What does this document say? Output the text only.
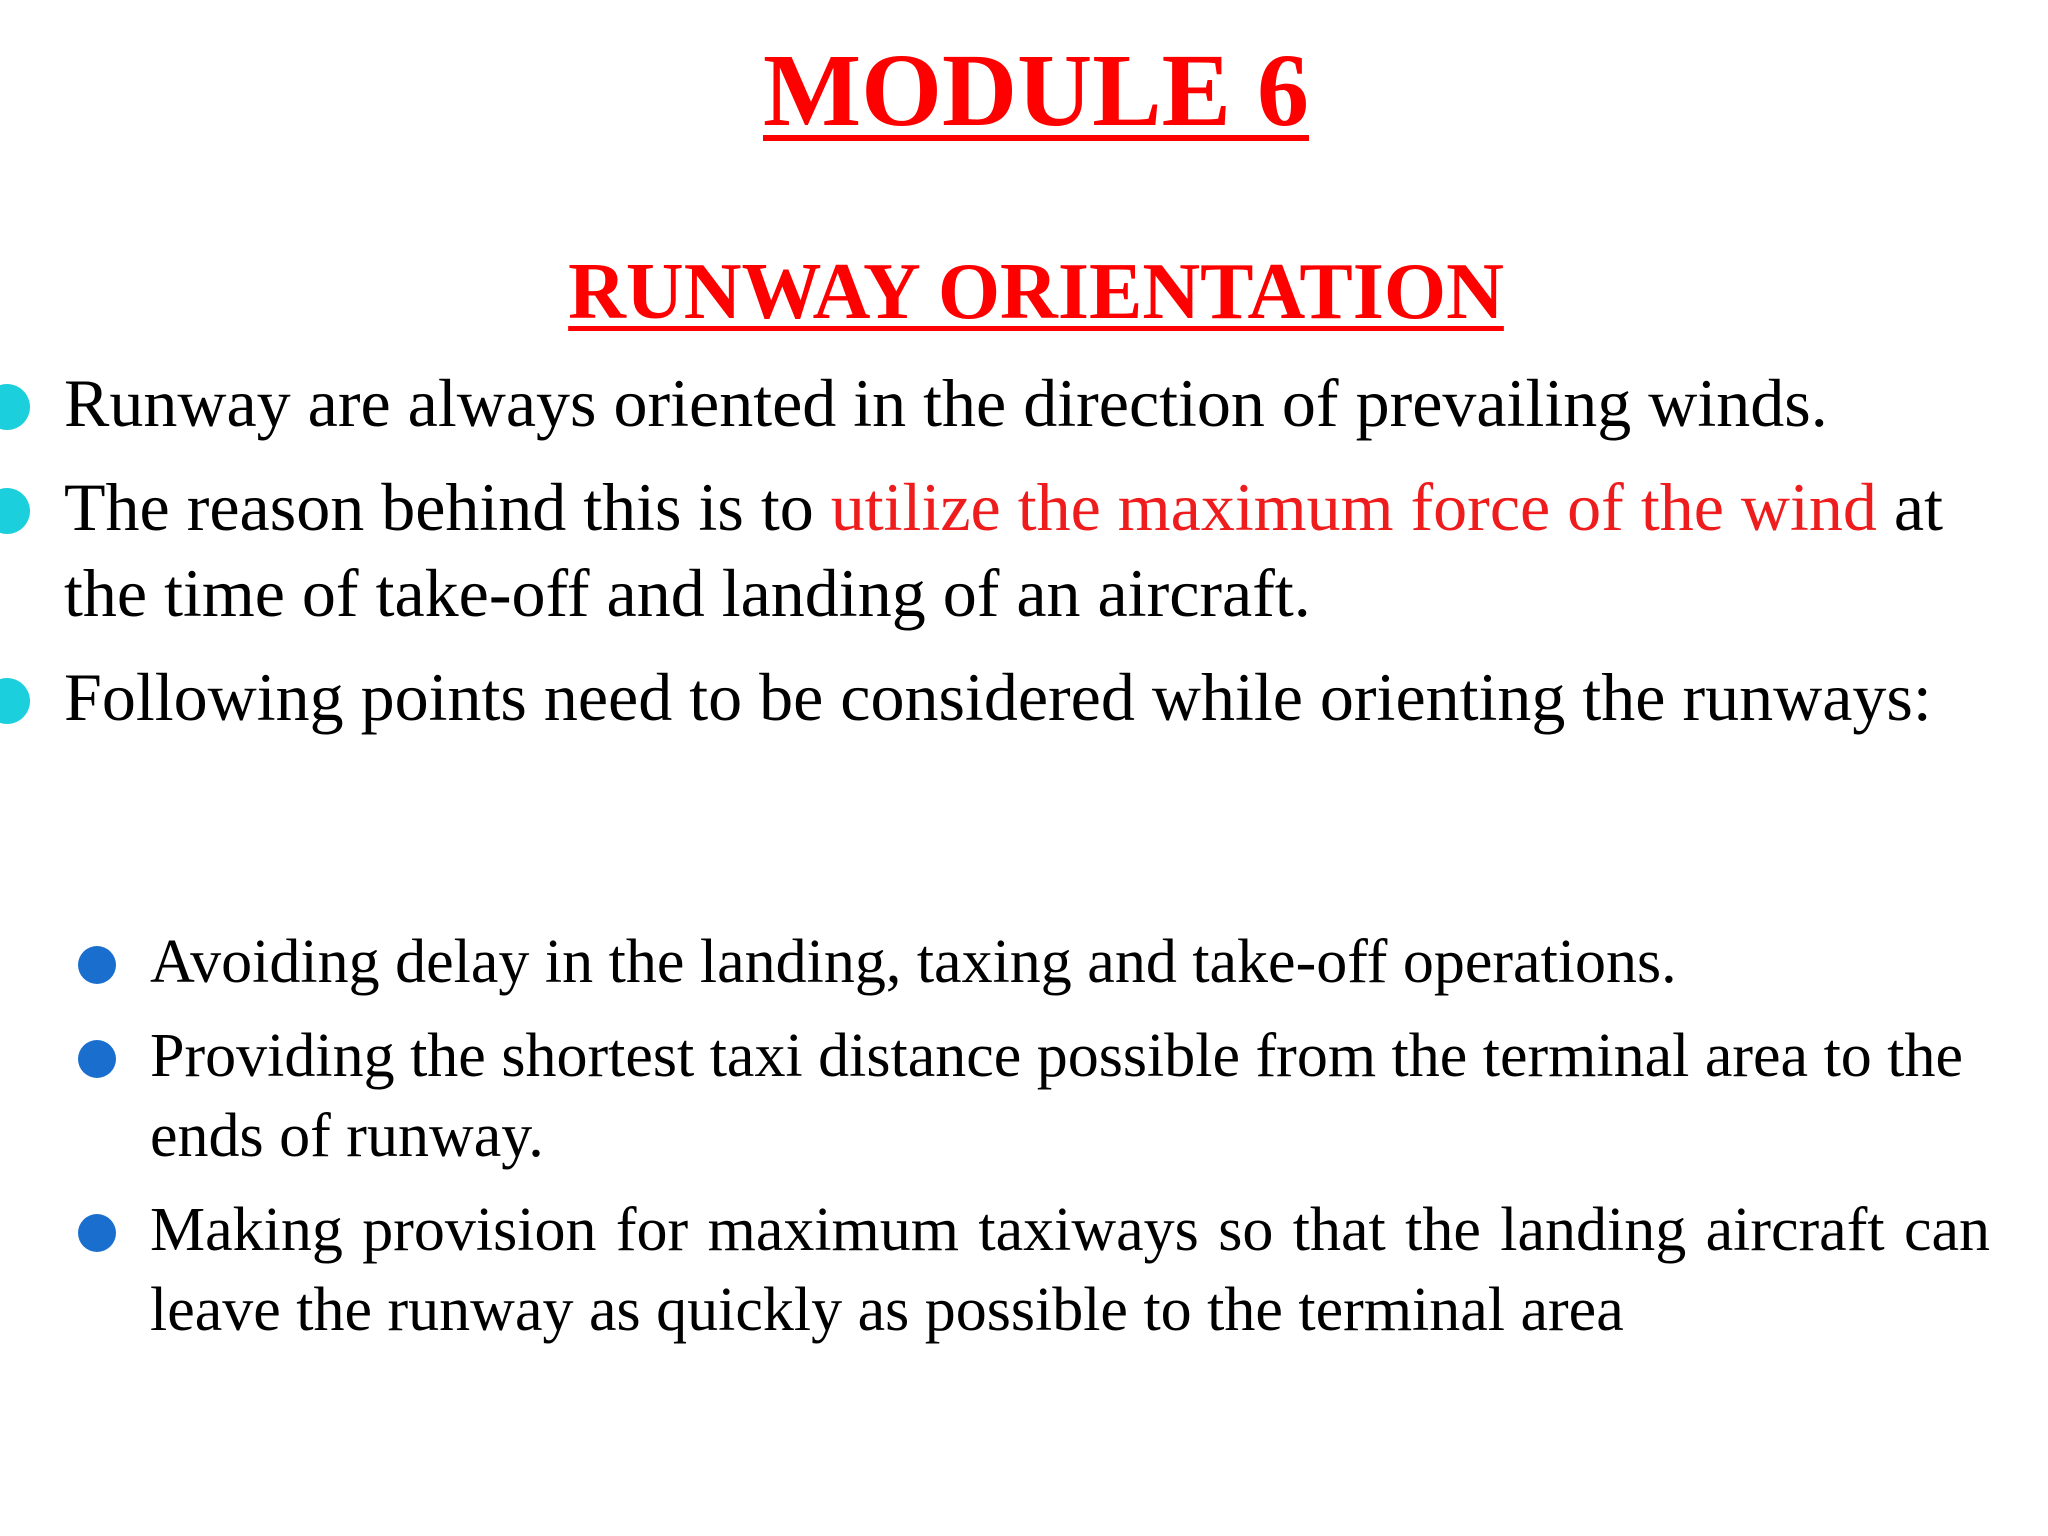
MODULE 6
RUNWAY ORIENTATION
Runway are always oriented in the direction of prevailing winds.
The reason behind this is to utilize the maximum force of the wind at the time of take-off and landing of an aircraft.
Following points need to be considered while orienting the runways:
Avoiding delay in the landing, taxing and take-off operations.
Providing the shortest taxi distance possible from the terminal area to the ends of runway.
Making provision for maximum taxiways so that the landing aircraft can leave the runway as quickly as possible to the terminal area
